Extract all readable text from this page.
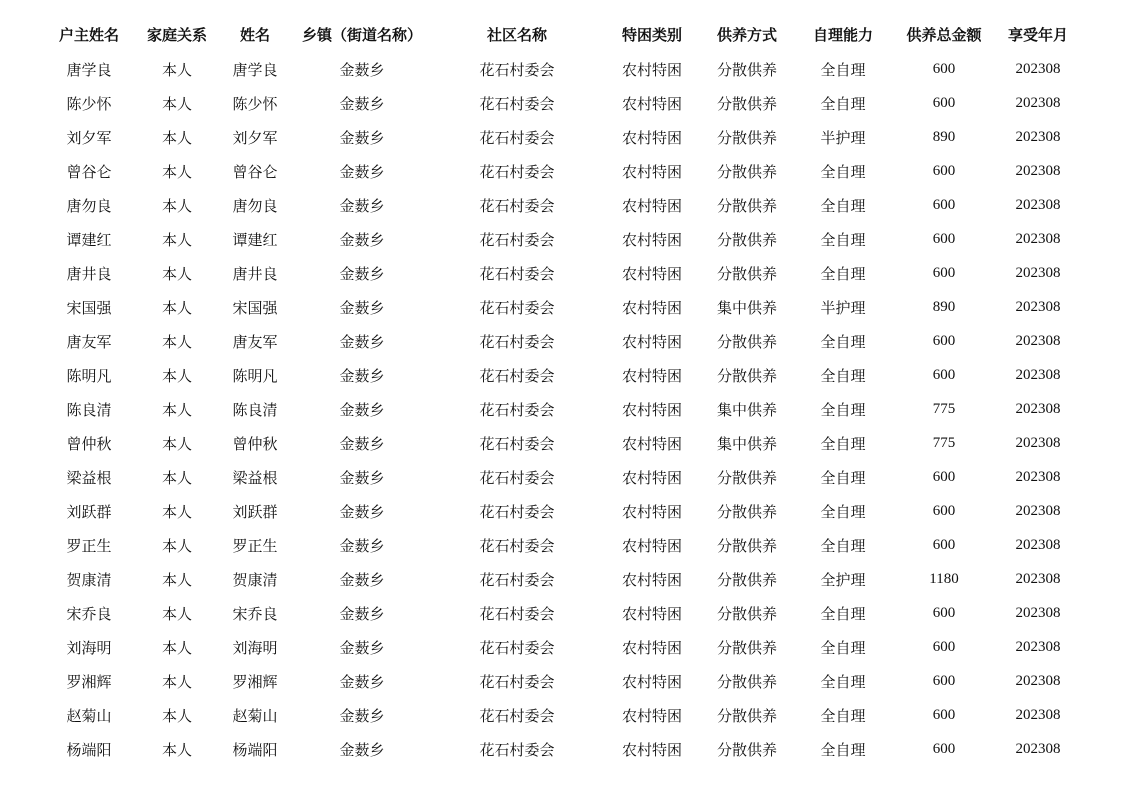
户主姓名	家庭关系	姓名	乡镇（街道名称）	社区名称	特困类别	供养方式	自理能力	供养总金额	享受年月
唐学良	本人	唐学良	金薮乡	花石村委会	农村特困	分散供养	全自理	600	202308
陈少怀	本人	陈少怀	金薮乡	花石村委会	农村特困	分散供养	全自理	600	202308
刘夕军	本人	刘夕军	金薮乡	花石村委会	农村特困	分散供养	半护理	890	202308
曾谷仑	本人	曾谷仑	金薮乡	花石村委会	农村特困	分散供养	全自理	600	202308
唐勿良	本人	唐勿良	金薮乡	花石村委会	农村特困	分散供养	全自理	600	202308
谭建红	本人	谭建红	金薮乡	花石村委会	农村特困	分散供养	全自理	600	202308
唐井良	本人	唐井良	金薮乡	花石村委会	农村特困	分散供养	全自理	600	202308
宋国强	本人	宋国强	金薮乡	花石村委会	农村特困	集中供养	半护理	890	202308
唐友军	本人	唐友军	金薮乡	花石村委会	农村特困	分散供养	全自理	600	202308
陈明凡	本人	陈明凡	金薮乡	花石村委会	农村特困	分散供养	全自理	600	202308
陈良清	本人	陈良清	金薮乡	花石村委会	农村特困	集中供养	全自理	775	202308
曾仲秋	本人	曾仲秋	金薮乡	花石村委会	农村特困	集中供养	全自理	775	202308
梁益根	本人	梁益根	金薮乡	花石村委会	农村特困	分散供养	全自理	600	202308
刘跃群	本人	刘跃群	金薮乡	花石村委会	农村特困	分散供养	全自理	600	202308
罗正生	本人	罗正生	金薮乡	花石村委会	农村特困	分散供养	全自理	600	202308
贺康清	本人	贺康清	金薮乡	花石村委会	农村特困	分散供养	全护理	1180	202308
宋乔良	本人	宋乔良	金薮乡	花石村委会	农村特困	分散供养	全自理	600	202308
刘海明	本人	刘海明	金薮乡	花石村委会	农村特困	分散供养	全自理	600	202308
罗湘辉	本人	罗湘辉	金薮乡	花石村委会	农村特困	分散供养	全自理	600	202308
赵菊山	本人	赵菊山	金薮乡	花石村委会	农村特困	分散供养	全自理	600	202308
杨端阳	本人	杨端阳	金薮乡	花石村委会	农村特困	分散供养	全自理	600	202308
